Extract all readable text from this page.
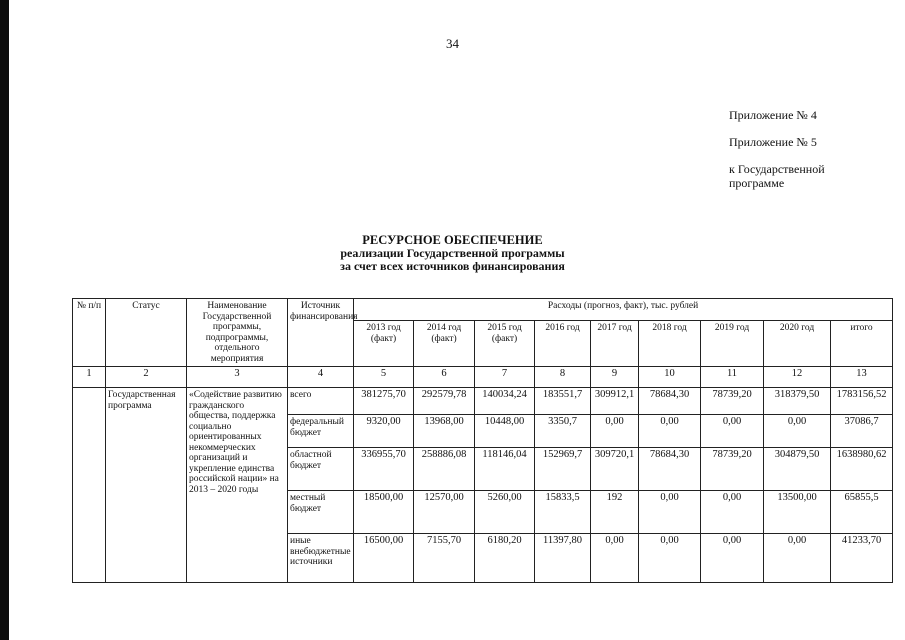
34
Приложение № 4
Приложение № 5
к Государственной программе
РЕСУРСНОЕ ОБЕСПЕЧЕНИЕ
реализации Государственной программы
за счет всех источников финансирования
№ п/п	Статус	Наименование Государственной программы, подпрограммы, отдельного мероприятия	Источник финансирования	Расходы (прогноз, факт), тыс. рублей								
				2013 год (факт)	2014 год (факт)	2015 год (факт)	2016 год	2017 год	2018 год	2019 год	2020 год	итого
1	2	3	4	5	6	7	8	9	10	11	12	13
	Государственная программа	«Содействие развитию гражданского общества, поддержка социально ориентированных некоммерческих организаций и укрепление единства российской нации» на 2013 – 2020 годы	всего	381275,70	292579,78	140034,24	183551,7	309912,1	78684,30	78739,20	318379,50	1783156,52
			федеральный бюджет	9320,00	13968,00	10448,00	3350,7	0,00	0,00	0,00	0,00	37086,7
			областной бюджет	336955,70	258886,08	118146,04	152969,7	309720,1	78684,30	78739,20	304879,50	1638980,62
			местный бюджет	18500,00	12570,00	5260,00	15833,5	192	0,00	0,00	13500,00	65855,5
			иные внебюджетные источники	16500,00	7155,70	6180,20	11397,80	0,00	0,00	0,00	0,00	41233,70
